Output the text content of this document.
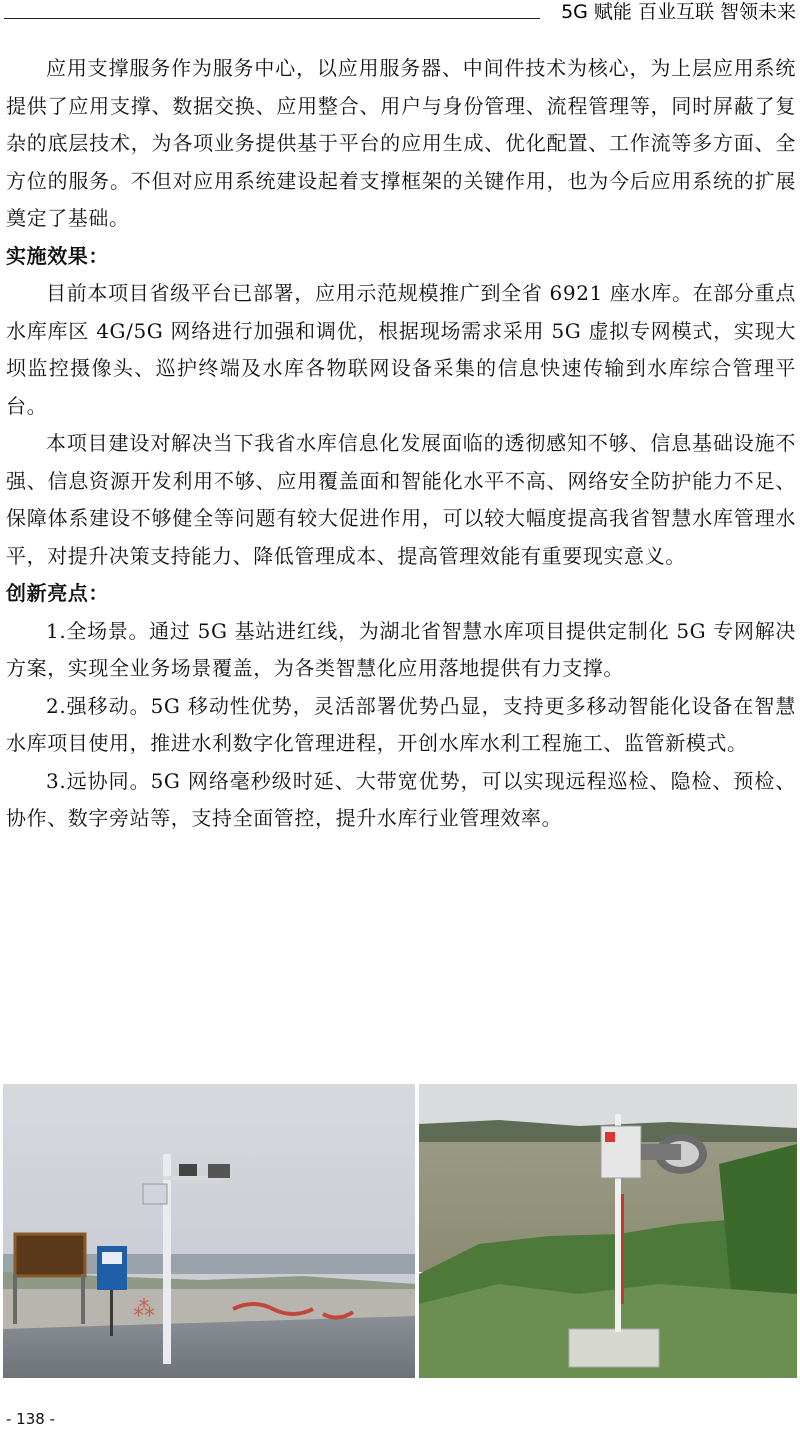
5G 赋能 百业互联 智领未来

应用支撑服务作为服务中心，以应用服务器、中间件技术为核心，为上层应用系统提供了应用支撑、数据交换、应用整合、用户与身份管理、流程管理等，同时屏蔽了复杂的底层技术，为各项业务提供基于平台的应用生成、优化配置、工作流等多方面、全方位的服务。不但对应用系统建设起着支撑框架的关键作用，也为今后应用系统的扩展奠定了基础。

实施效果：

目前本项目省级平台已部署，应用示范规模推广到全省 6921 座水库。在部分重点水库库区 4G/5G 网络进行加强和调优，根据现场需求采用 5G 虚拟专网模式，实现大坝监控摄像头、巡护终端及水库各物联网设备采集的信息快速传输到水库综合管理平台。

本项目建设对解决当下我省水库信息化发展面临的透彻感知不够、信息基础设施不强、信息资源开发利用不够、应用覆盖面和智能化水平不高、网络安全防护能力不足、保障体系建设不够健全等问题有较大促进作用，可以较大幅度提高我省智慧水库管理水平，对提升决策支持能力、降低管理成本、提高管理效能有重要现实意义。

创新亮点：

1.全场景。通过 5G 基站进红线，为湖北省智慧水库项目提供定制化 5G 专网解决方案，实现全业务场景覆盖，为各类智慧化应用落地提供有力支撑。

2.强移动。5G 移动性优势，灵活部署优势凸显，支持更多移动智能化设备在智慧水库项目使用，推进水利数字化管理进程，开创水库水利工程施工、监管新模式。

3.远协同。5G 网络毫秒级时延、大带宽优势，可以实现远程巡检、隐检、预检、协作、数字旁站等，支持全面管控，提升水库行业管理效率。

⁂
- 138 -
